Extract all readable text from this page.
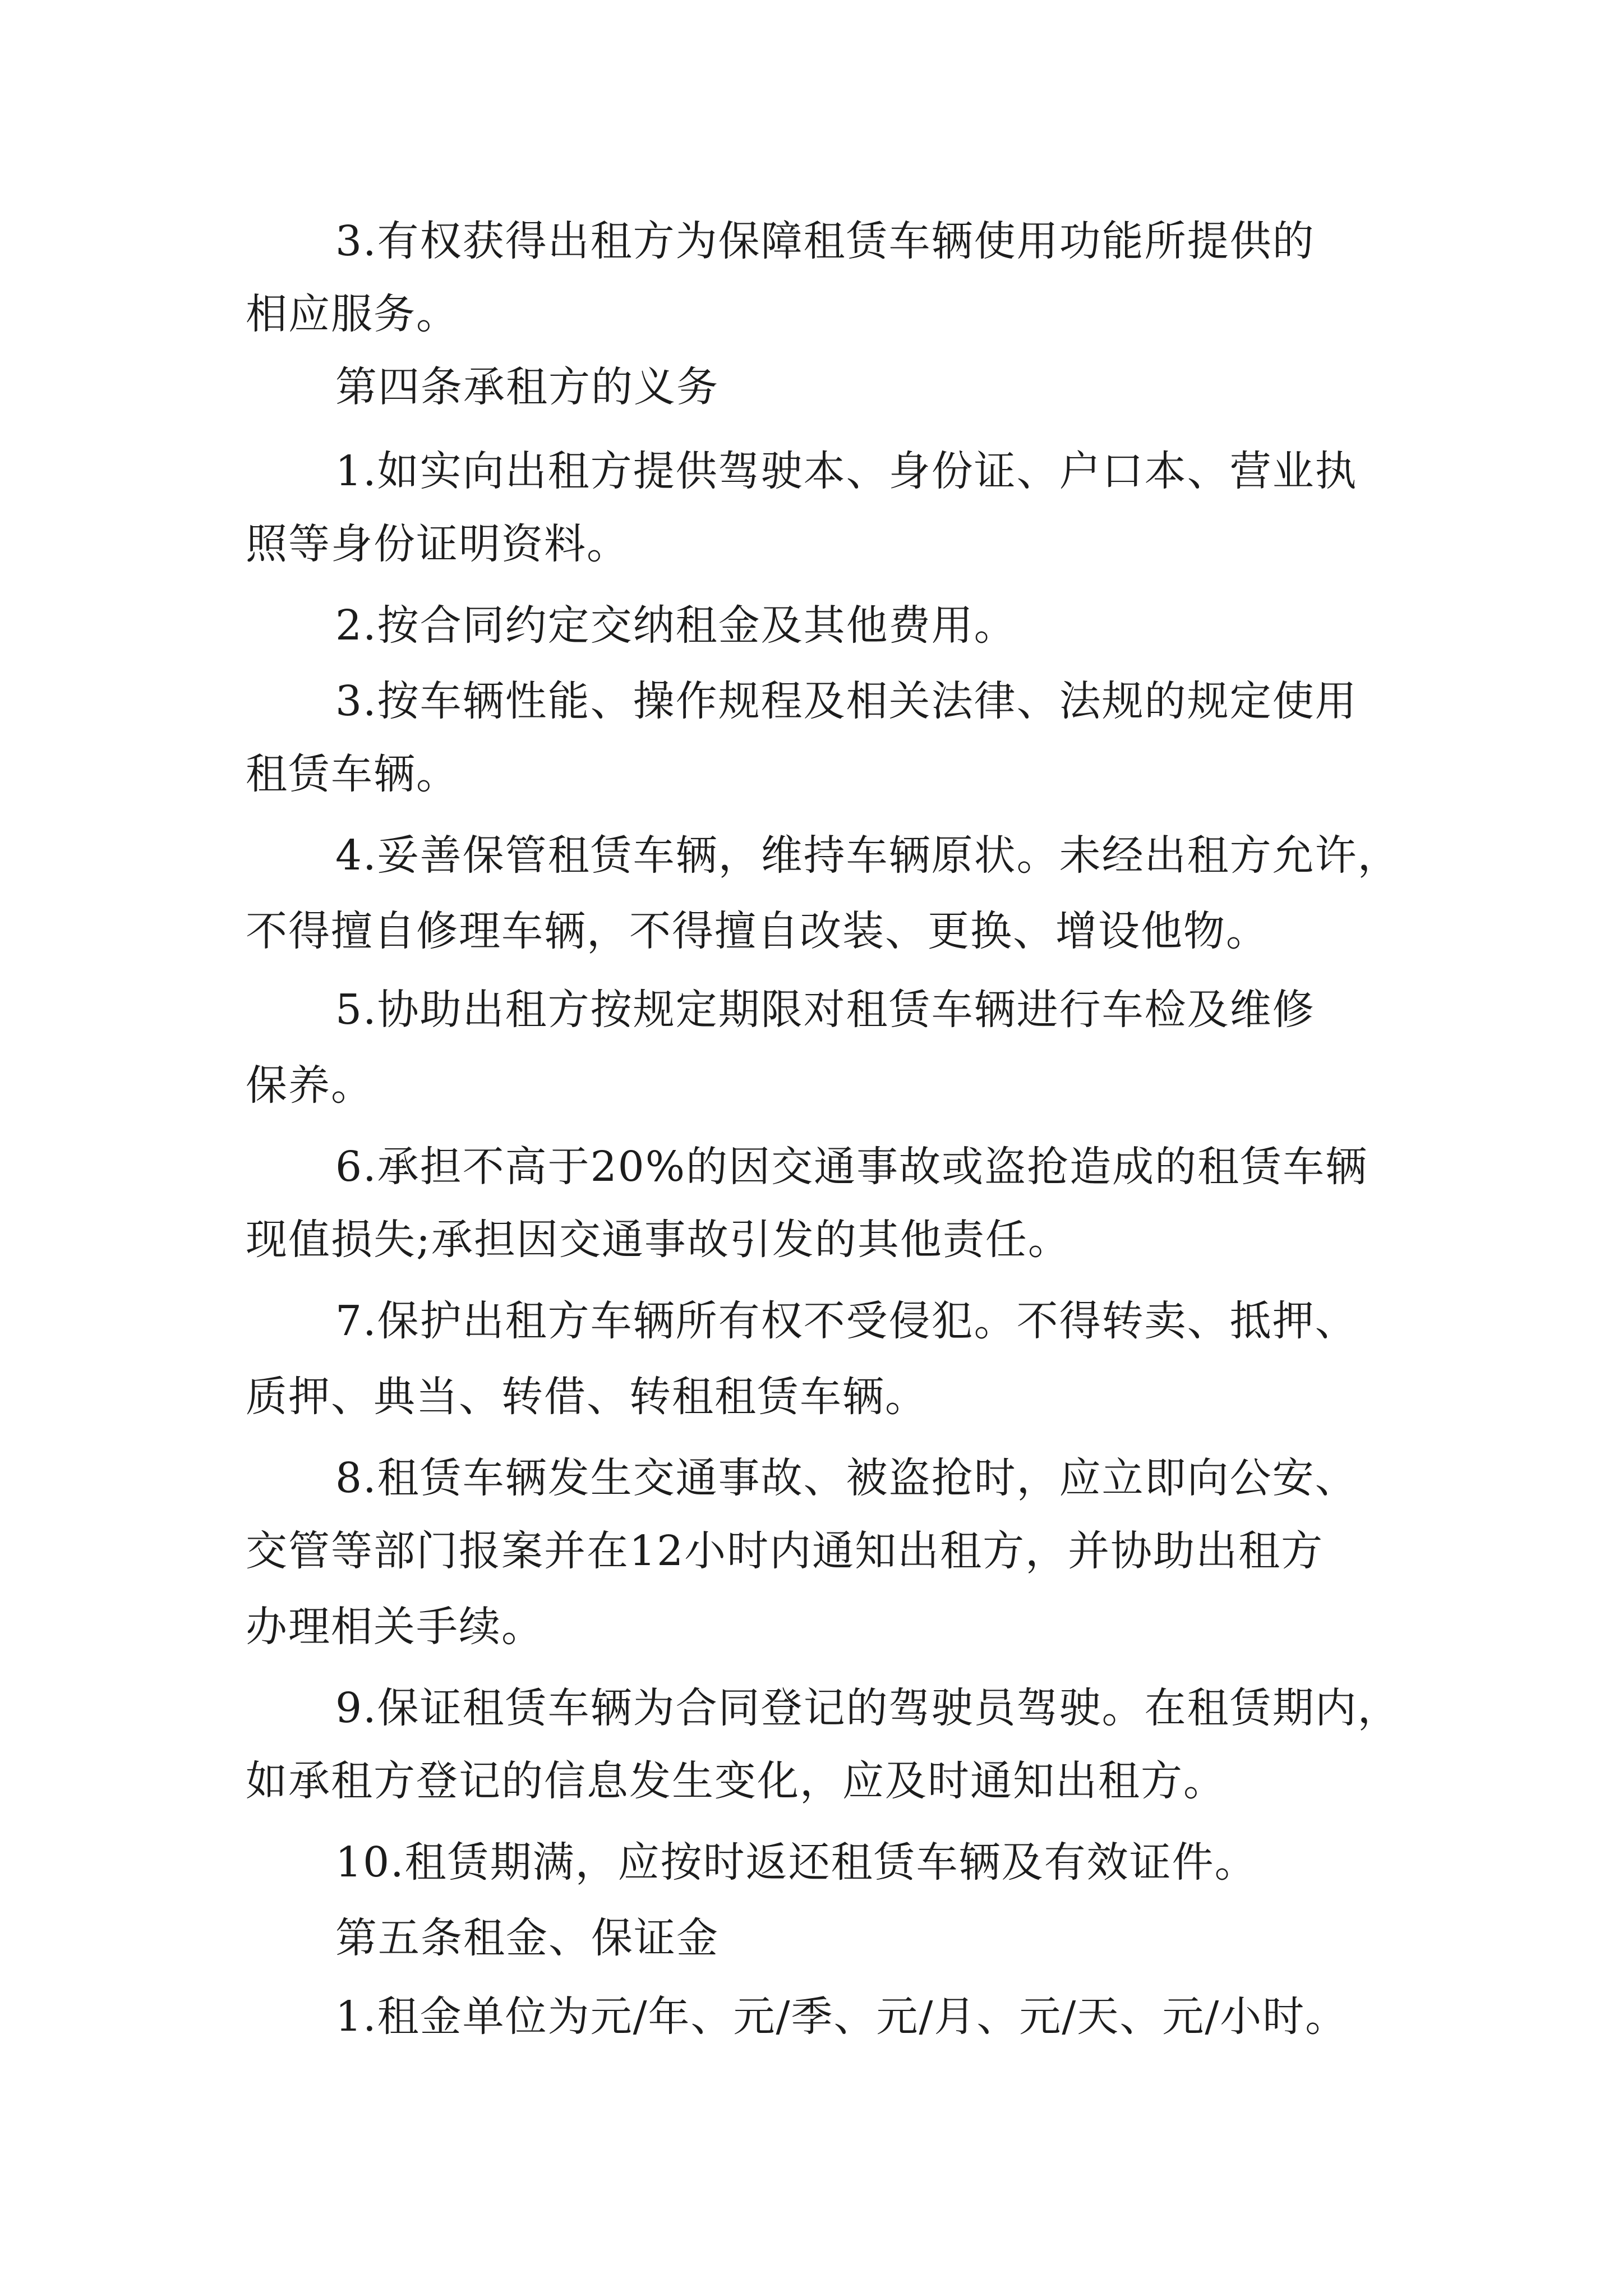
3.有权获得出租方为保障租赁车辆使用功能所提供的

相应服务。

第四条承租方的义务

1.如实向出租方提供驾驶本、身份证、户口本、营业执

照等身份证明资料。

2.按合同约定交纳租金及其他费用。

3.按车辆性能、操作规程及相关法律、法规的规定使用

租赁车辆。

4.妥善保管租赁车辆，维持车辆原状。未经出租方允许，

不得擅自修理车辆，不得擅自改装、更换、增设他物。

5.协助出租方按规定期限对租赁车辆进行车检及维修

保养。

6.承担不高于20%的因交通事故或盗抢造成的租赁车辆

现值损失;承担因交通事故引发的其他责任。

7.保护出租方车辆所有权不受侵犯。不得转卖、抵押、

质押、典当、转借、转租租赁车辆。

8.租赁车辆发生交通事故、被盗抢时，应立即向公安、

交管等部门报案并在12小时内通知出租方，并协助出租方

办理相关手续。

9.保证租赁车辆为合同登记的驾驶员驾驶。在租赁期内，

如承租方登记的信息发生变化，应及时通知出租方。

10.租赁期满，应按时返还租赁车辆及有效证件。

第五条租金、保证金

1.租金单位为元/年、元/季、元/月、元/天、元/小时。
